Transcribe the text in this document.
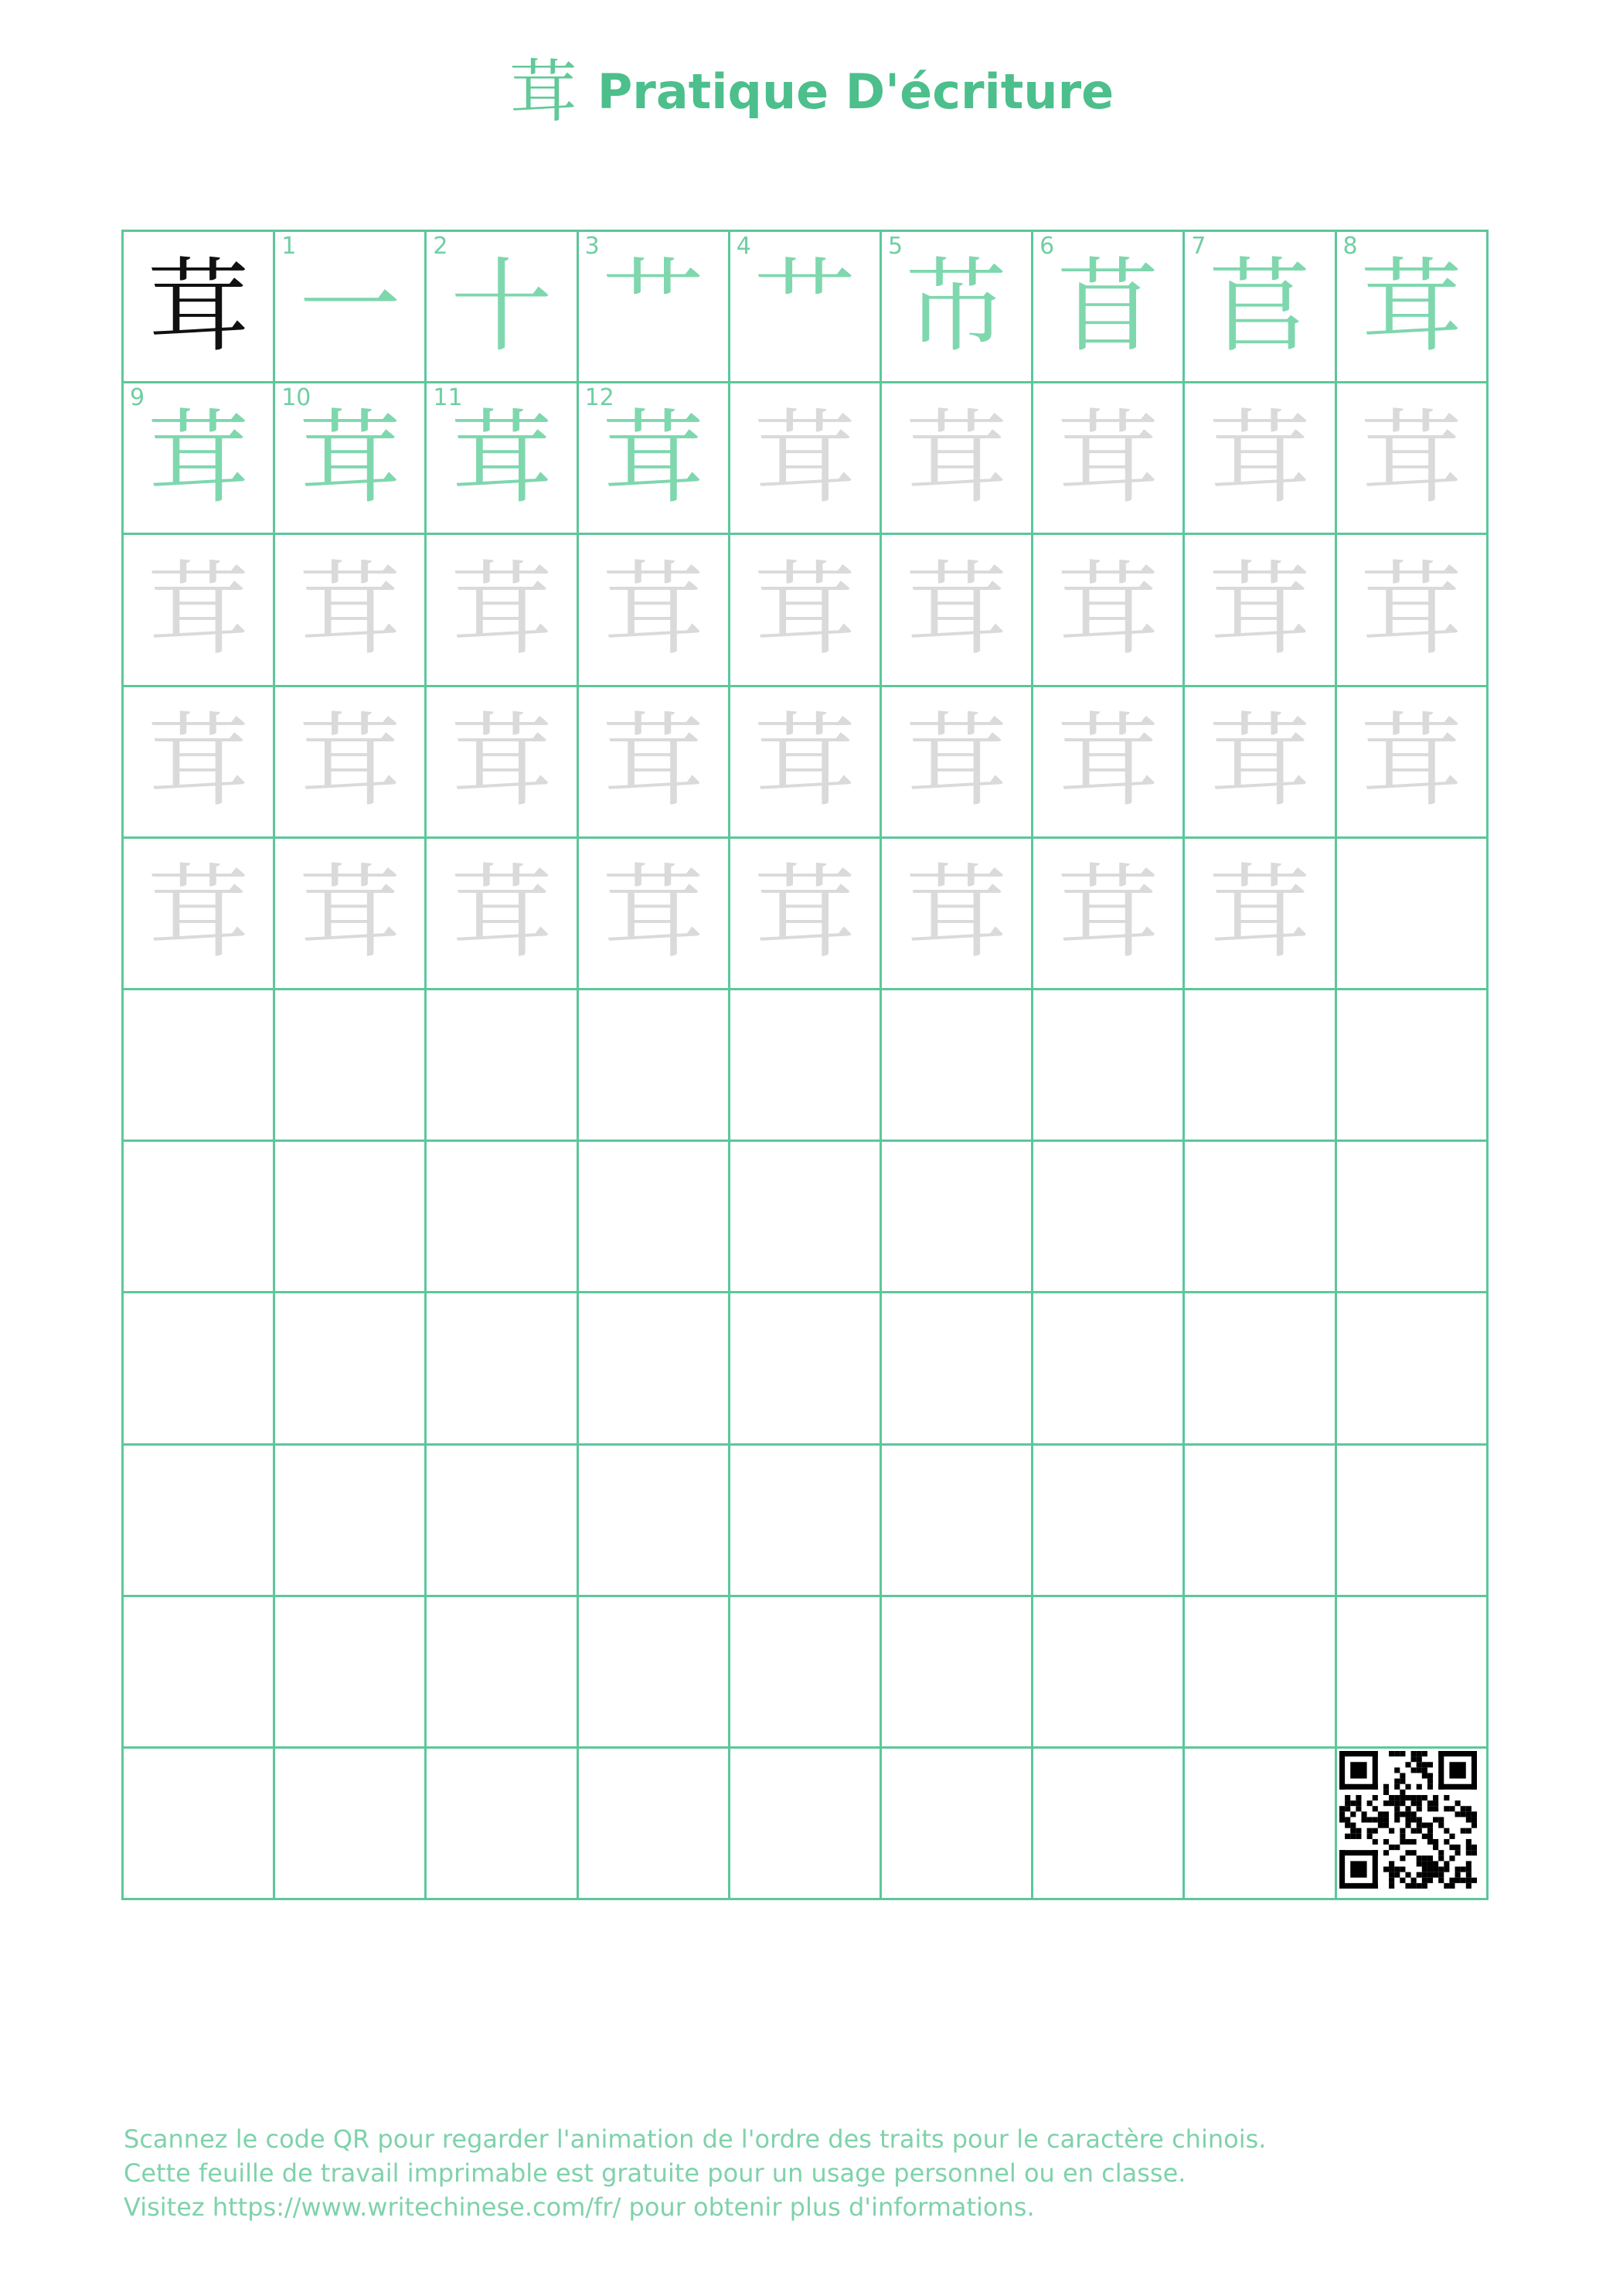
茸 Pratique D'écriture
茸
1
一
2
十
3
艹
4
艹
5
芇
6
苜
7
苢
8
茸
9
茸
10
茸
11
茸
12
茸 茸 茸 茸 茸 茸
茸 茸 茸 茸 茸 茸 茸 茸 茸
茸 茸 茸 茸 茸 茸 茸 茸 茸
茸 茸 茸 茸 茸 茸 茸 茸
Scannez le code QR pour regarder l'animation de l'ordre des traits pour le caractère chinois.
Cette feuille de travail imprimable est gratuite pour un usage personnel ou en classe.
Visitez https://www.writechinese.com/fr/ pour obtenir plus d'informations.
